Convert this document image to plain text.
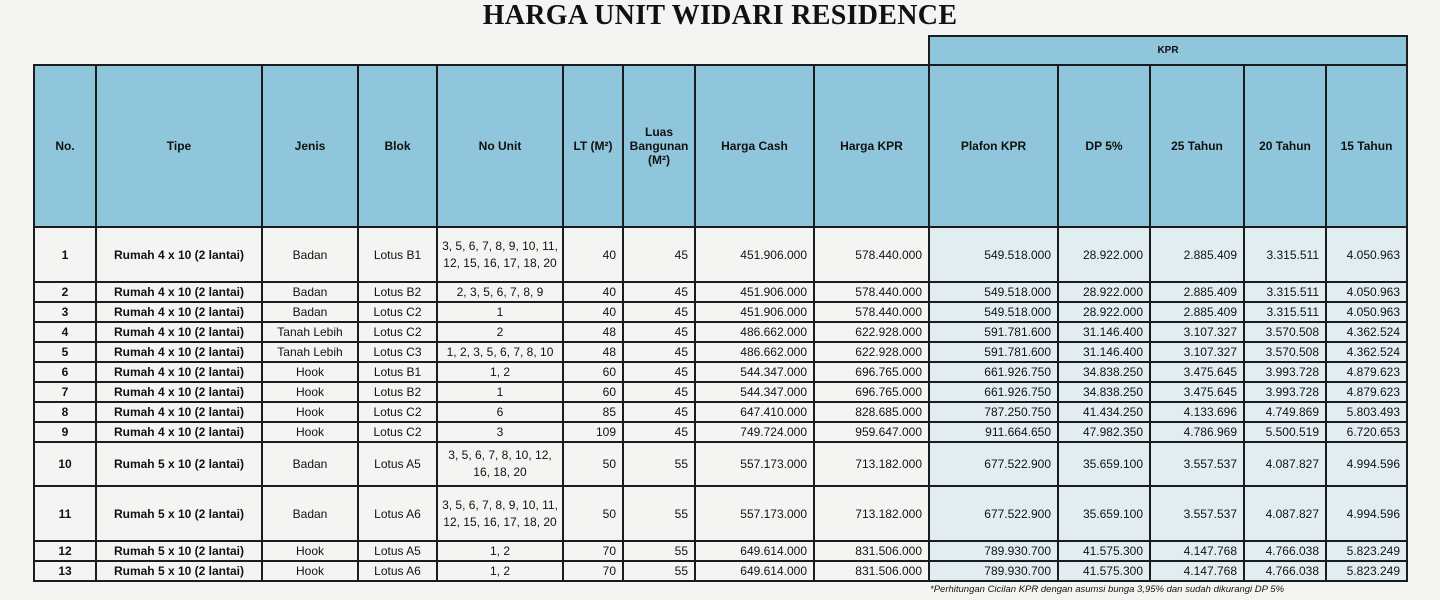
HARGA UNIT WIDARI RESIDENCE
									KPR				
No.	Tipe	Jenis	Blok	No Unit	LT (M²)	Luas Bangunan (M²)	Harga Cash	Harga KPR	Plafon KPR	DP 5%	25 Tahun	20 Tahun	15 Tahun
1	Rumah 4 x 10 (2 lantai)	Badan	Lotus B1	3, 5, 6, 7, 8, 9, 10, 11, 12, 15, 16, 17, 18, 20	40	45	451.906.000	578.440.000	549.518.000	28.922.000	2.885.409	3.315.511	4.050.963
2	Rumah 4 x 10 (2 lantai)	Badan	Lotus B2	2, 3, 5, 6, 7, 8, 9	40	45	451.906.000	578.440.000	549.518.000	28.922.000	2.885.409	3.315.511	4.050.963
3	Rumah 4 x 10 (2 lantai)	Badan	Lotus C2	1	40	45	451.906.000	578.440.000	549.518.000	28.922.000	2.885.409	3.315.511	4.050.963
4	Rumah 4 x 10 (2 lantai)	Tanah Lebih	Lotus C2	2	48	45	486.662.000	622.928.000	591.781.600	31.146.400	3.107.327	3.570.508	4.362.524
5	Rumah 4 x 10 (2 lantai)	Tanah Lebih	Lotus C3	1, 2, 3, 5, 6, 7, 8, 10	48	45	486.662.000	622.928.000	591.781.600	31.146.400	3.107.327	3.570.508	4.362.524
6	Rumah 4 x 10 (2 lantai)	Hook	Lotus B1	1, 2	60	45	544.347.000	696.765.000	661.926.750	34.838.250	3.475.645	3.993.728	4.879.623
7	Rumah 4 x 10 (2 lantai)	Hook	Lotus B2	1	60	45	544.347.000	696.765.000	661.926.750	34.838.250	3.475.645	3.993.728	4.879.623
8	Rumah 4 x 10 (2 lantai)	Hook	Lotus C2	6	85	45	647.410.000	828.685.000	787.250.750	41.434.250	4.133.696	4.749.869	5.803.493
9	Rumah 4 x 10 (2 lantai)	Hook	Lotus C2	3	109	45	749.724.000	959.647.000	911.664.650	47.982.350	4.786.969	5.500.519	6.720.653
10	Rumah 5 x 10 (2 lantai)	Badan	Lotus A5	3, 5, 6, 7, 8, 10, 12, 16, 18, 20	50	55	557.173.000	713.182.000	677.522.900	35.659.100	3.557.537	4.087.827	4.994.596
11	Rumah 5 x 10 (2 lantai)	Badan	Lotus A6	3, 5, 6, 7, 8, 9, 10, 11, 12, 15, 16, 17, 18, 20	50	55	557.173.000	713.182.000	677.522.900	35.659.100	3.557.537	4.087.827	4.994.596
12	Rumah 5 x 10 (2 lantai)	Hook	Lotus A5	1, 2	70	55	649.614.000	831.506.000	789.930.700	41.575.300	4.147.768	4.766.038	5.823.249
13	Rumah 5 x 10 (2 lantai)	Hook	Lotus A6	1, 2	70	55	649.614.000	831.506.000	789.930.700	41.575.300	4.147.768	4.766.038	5.823.249
*Perhitungan Cicilan KPR dengan asumsi bunga 3,95% dan sudah dikurangi DP 5%
